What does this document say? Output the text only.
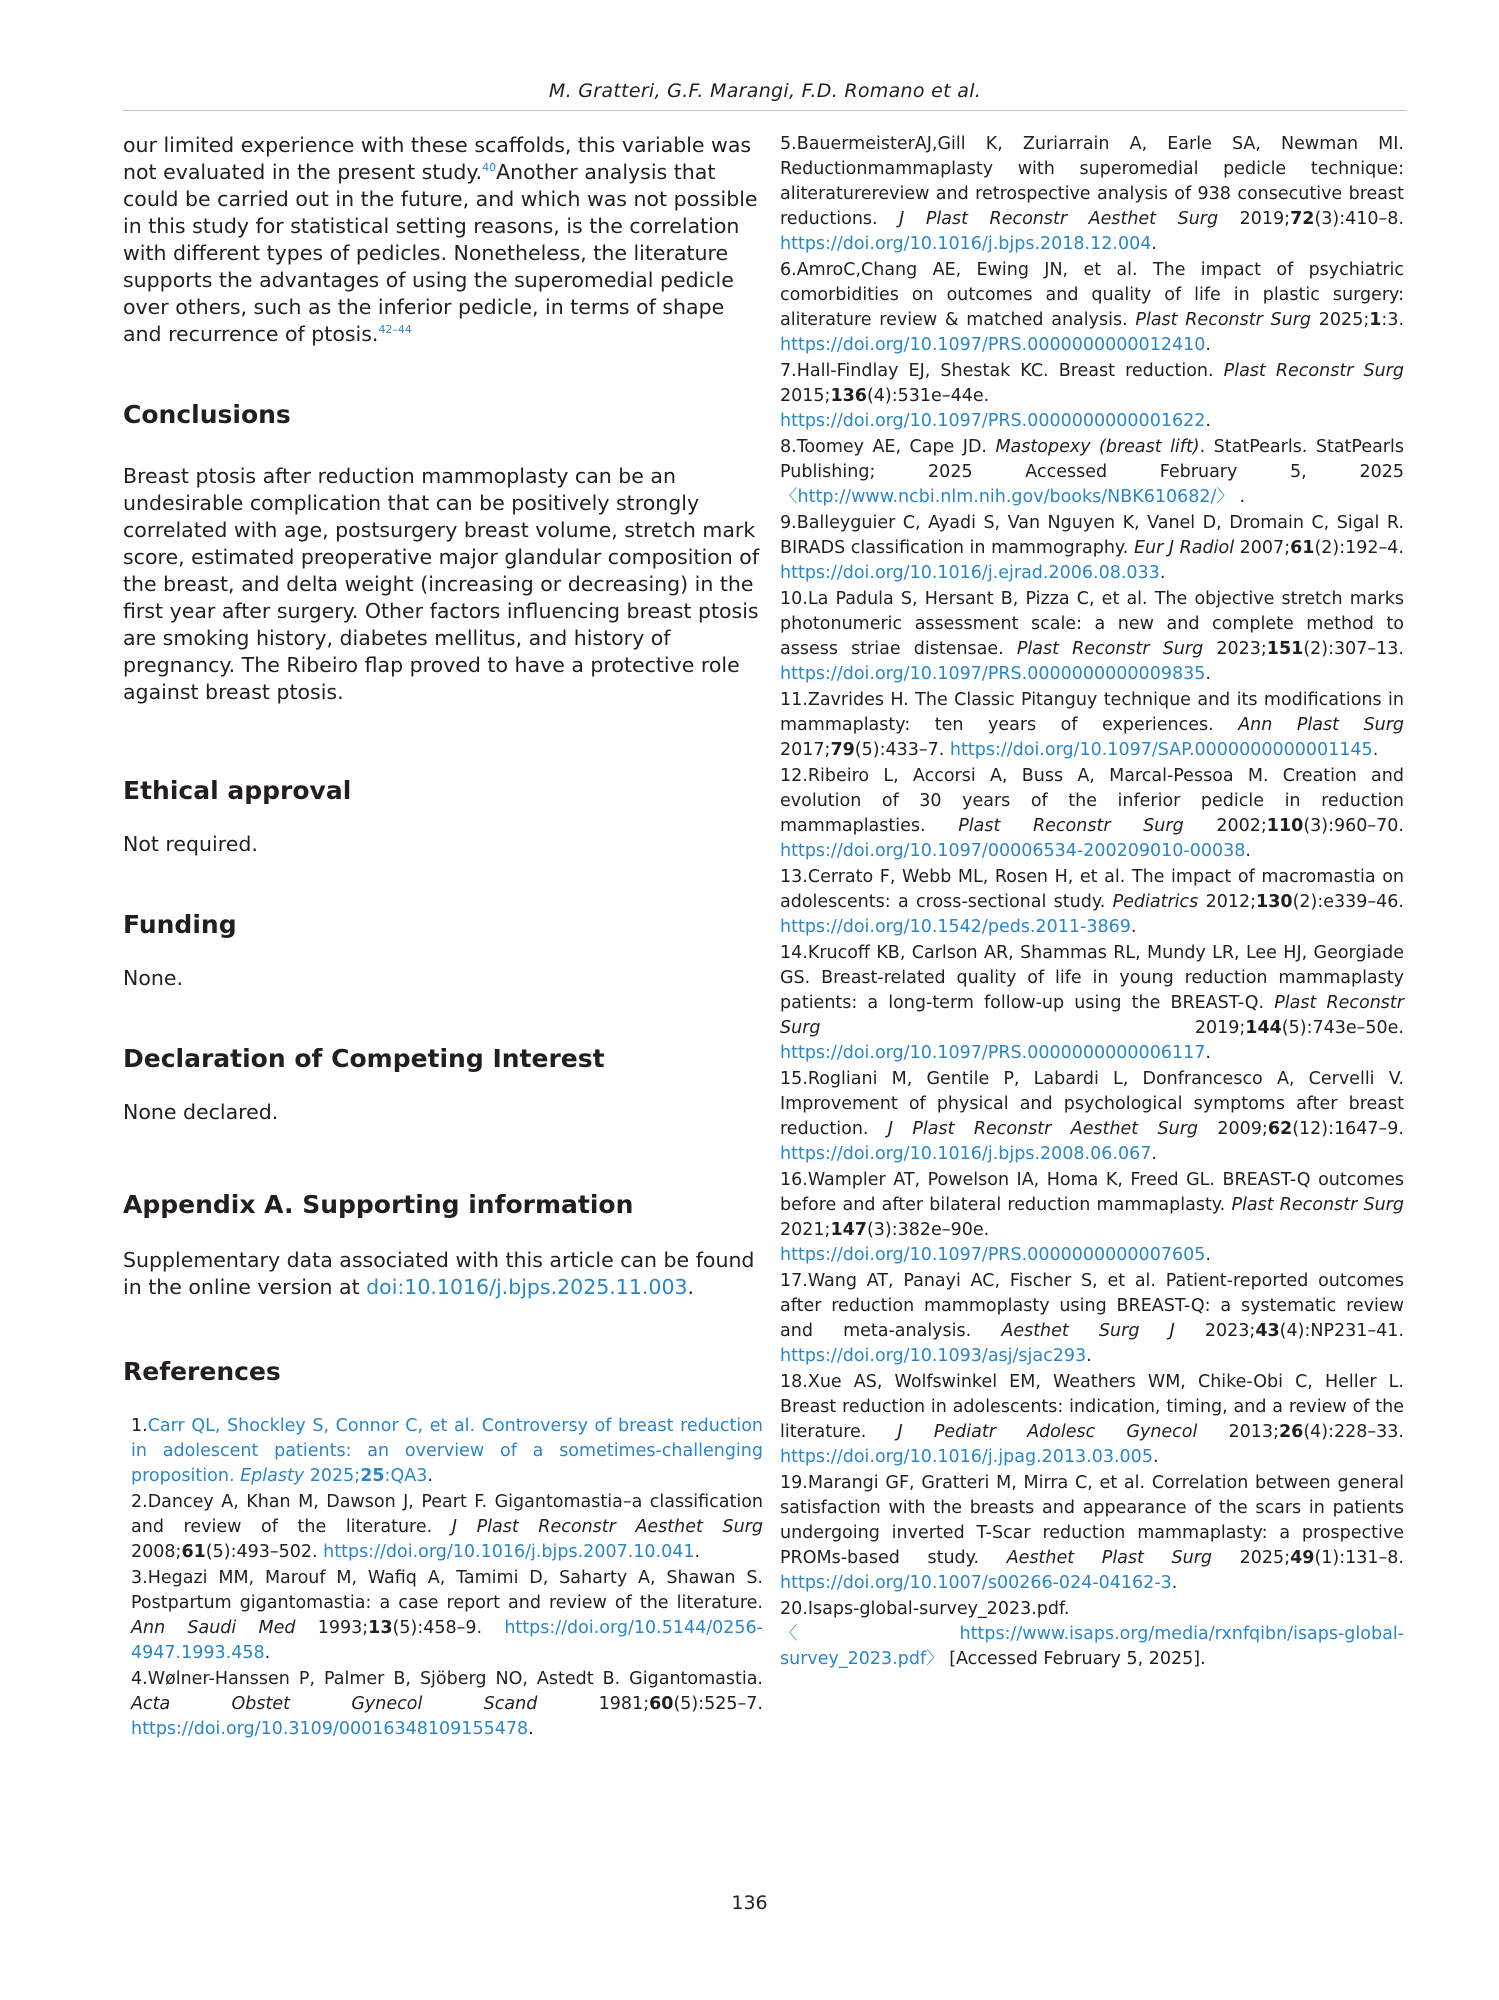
M. Gratteri, G.F. Marangi, F.D. Romano et al.

our limited experience with these scaffolds, this variable was not evaluated in the present study.$^{40}$Another analysis that could be carried out in the future, and which was not possible in this study for statistical setting reasons, is the correlation with different types of pedicles. Nonetheless, the literature supports the advantages of using the superomedial pedicle over others, such as the inferior pedicle, in terms of shape and recurrence of ptosis.$^{42-44}$

Conclusions

Breast ptosis after reduction mammoplasty can be an undesirable complication that can be positively strongly correlated with age, postsurgery breast volume, stretch mark score, estimated preoperative major glandular composition of the breast, and delta weight (increasing or decreasing) in the first year after surgery. Other factors influencing breast ptosis are smoking history, diabetes mellitus, and history of pregnancy. The Ribeiro flap proved to have a protective role against breast ptosis.

Ethical approval

Not required.

Funding

None.

Declaration of Competing Interest

None declared.

Appendix A. Supporting information

Supplementary data associated with this article can be found in the online version at doi:10.1016/j.bjps.2025.11.003.

References

1.Carr QL, Shockley S, Connor C, et al. Controversy of breast reduction in adolescent patients: an overview of a sometimes-challenging proposition. Eplasty 2025;25:QA3.

2.Dancey A, Khan M, Dawson J, Peart F. Gigantomastia–a classification and review of the literature. J Plast Reconstr Aesthet Surg 2008;61(5):493–502. https://doi.org/10.1016/j.bjps.2007.10.041.

3.Hegazi MM, Marouf M, Wafiq A, Tamimi D, Saharty A, Shawan S. Postpartum gigantomastia: a case report and review of the literature. Ann Saudi Med 1993;13(5):458–9. https://doi.org/10.5144/0256-4947.1993.458.

4.Wølner-Hanssen P, Palmer B, Sjöberg NO, Astedt B. Gigantomastia. Acta Obstet Gynecol Scand 1981;60(5):525–7. https://doi.org/10.3109/00016348109155478.

5.BauermeisterAJ,Gill K, Zuriarrain A, Earle SA, Newman MI. Reductionmammaplasty with superomedial pedicle technique: aliteraturereview and retrospective analysis of 938 consecutive breast reductions. J Plast Reconstr Aesthet Surg 2019;72(3):410–8. https://doi.org/10.1016/j.bjps.2018.12.004.

6.AmroC,Chang AE, Ewing JN, et al. The impact of psychiatric comorbidities on outcomes and quality of life in plastic surgery: aliterature review & matched analysis. Plast Reconstr Surg 2025;1:3. https://doi.org/10.1097/PRS.0000000000012410.

7.Hall-Findlay EJ, Shestak KC. Breast reduction. Plast Reconstr Surg 2015;136(4):531e–44e. https://doi.org/10.1097/PRS.0000000000001622.

8.Toomey AE, Cape JD. Mastopexy (breast lift). StatPearls. StatPearls Publishing; 2025 Accessed February 5, 2025 〈http://www.ncbi.nlm.nih.gov/books/NBK610682/〉 .

9.Balleyguier C, Ayadi S, Van Nguyen K, Vanel D, Dromain C, Sigal R. BIRADS classification in mammography. Eur J Radiol 2007;61(2):192–4. https://doi.org/10.1016/j.ejrad.2006.08.033.

10.La Padula S, Hersant B, Pizza C, et al. The objective stretch marks photonumeric assessment scale: a new and complete method to assess striae distensae. Plast Reconstr Surg 2023;151(2):307–13. https://doi.org/10.1097/PRS.0000000000009835.

11.Zavrides H. The Classic Pitanguy technique and its modifications in mammaplasty: ten years of experiences. Ann Plast Surg 2017;79(5):433–7. https://doi.org/10.1097/SAP.0000000000001145.

12.Ribeiro L, Accorsi A, Buss A, Marcal-Pessoa M. Creation and evolution of 30 years of the inferior pedicle in reduction mammaplasties. Plast Reconstr Surg 2002;110(3):960–70. https://doi.org/10.1097/00006534-200209010-00038.

13.Cerrato F, Webb ML, Rosen H, et al. The impact of macromastia on adolescents: a cross-sectional study. Pediatrics 2012;130(2):e339–46. https://doi.org/10.1542/peds.2011-3869.

14.Krucoff KB, Carlson AR, Shammas RL, Mundy LR, Lee HJ, Georgiade GS. Breast-related quality of life in young reduction mammaplasty patients: a long-term follow-up using the BREAST-Q. Plast Reconstr Surg 2019;144(5):743e–50e. https://doi.org/10.1097/PRS.0000000000006117.

15.Rogliani M, Gentile P, Labardi L, Donfrancesco A, Cervelli V. Improvement of physical and psychological symptoms after breast reduction. J Plast Reconstr Aesthet Surg 2009;62(12):1647–9. https://doi.org/10.1016/j.bjps.2008.06.067.

16.Wampler AT, Powelson IA, Homa K, Freed GL. BREAST-Q outcomes before and after bilateral reduction mammaplasty. Plast Reconstr Surg 2021;147(3):382e–90e. https://doi.org/10.1097/PRS.0000000000007605.

17.Wang AT, Panayi AC, Fischer S, et al. Patient-reported outcomes after reduction mammoplasty using BREAST-Q: a systematic review and meta-analysis. Aesthet Surg J 2023;43(4):NP231–41. https://doi.org/10.1093/asj/sjac293.

18.Xue AS, Wolfswinkel EM, Weathers WM, Chike-Obi C, Heller L. Breast reduction in adolescents: indication, timing, and a review of the literature. J Pediatr Adolesc Gynecol 2013;26(4):228–33. https://doi.org/10.1016/j.jpag.2013.03.005.

19.Marangi GF, Gratteri M, Mirra C, et al. Correlation between general satisfaction with the breasts and appearance of the scars in patients undergoing inverted T-Scar reduction mammaplasty: a prospective PROMs-based study. Aesthet Plast Surg 2025;49(1):131–8. https://doi.org/10.1007/s00266-024-04162-3.

20.Isaps-global-survey_2023.pdf. 〈https://www.isaps.org/media/rxnfqibn/isaps-global-survey_2023.pdf〉 [Accessed February 5, 2025].

136
